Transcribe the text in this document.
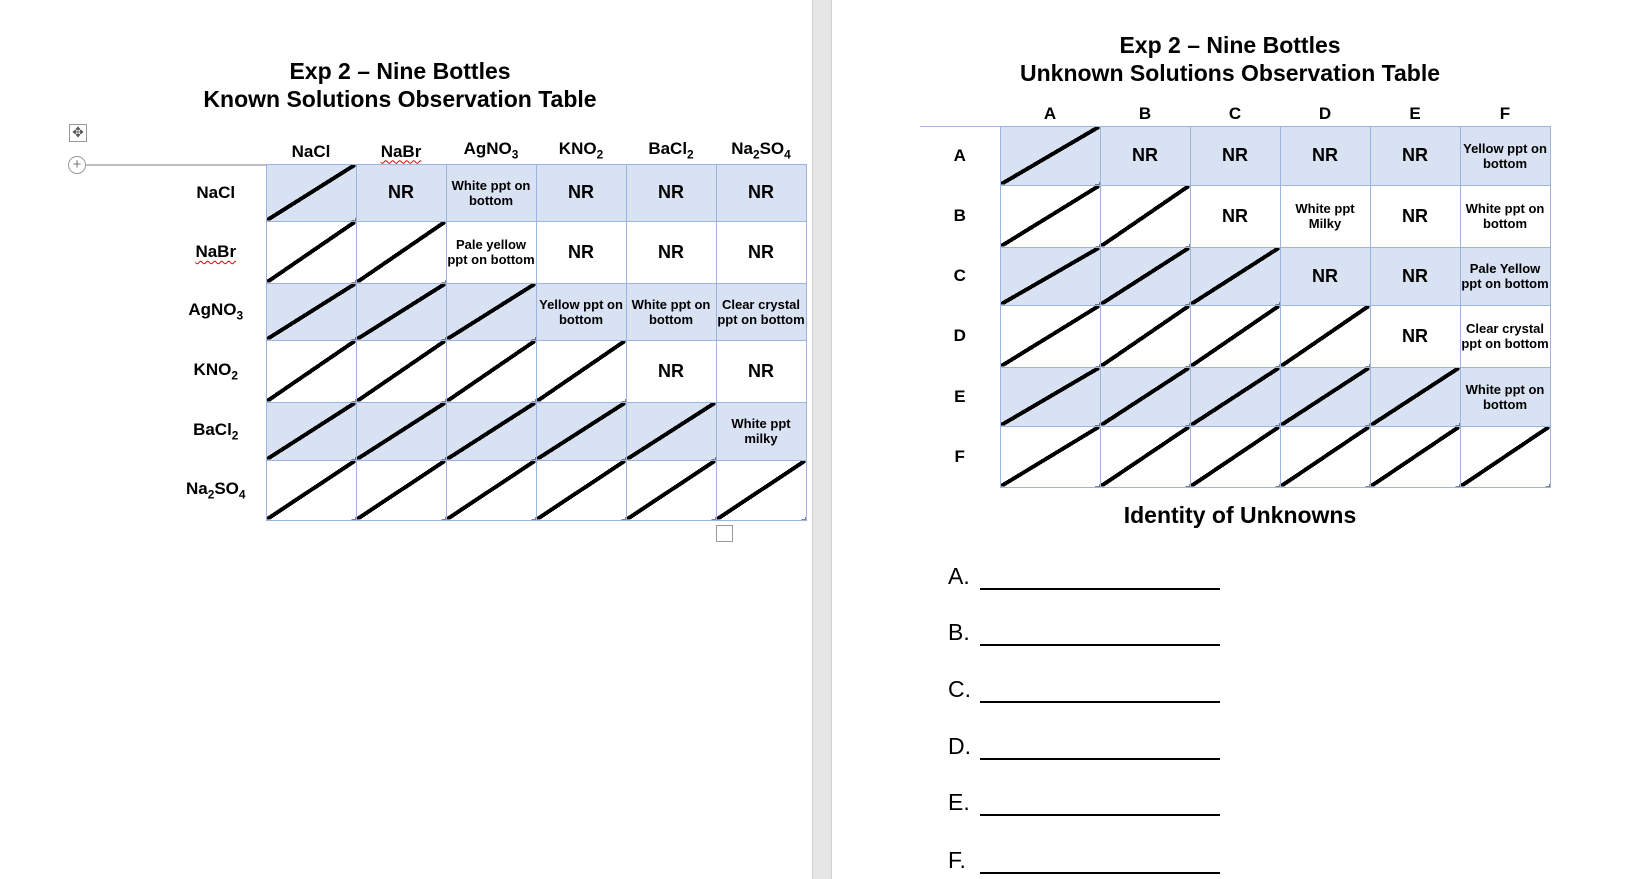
Exp 2 – Nine Bottles
Known Solutions Observation Table
Exp 2 – Nine Bottles
Unknown Solutions Observation Table
✥
+
		NaCl	NaBr	AgNO$_3$	$KNO_2$	BaCl$_2$	$Na_2SO_4$
	NaCl		NR	White ppt on bottom	NR	NR	NR
	NaBr			Pale yellow ppt on bottom	NR	NR	NR
	AgNO$_3$				Yellow ppt on bottom	White ppt on bottom	Clear crystal ppt on bottom
	$KNO_2$					NR	NR
	BaCl$_2$						White ppt milky
	$Na_2SO_4$						
	A	B	C	D	E	F
A		NR	NR	NR	NR	Yellow ppt on bottom
B			NR	White ppt Milky	NR	White ppt on bottom
C				NR	NR	Pale Yellow ppt on bottom
D					NR	Clear crystal ppt on bottom
E						White ppt on bottom
F						
Identity of Unknowns
A.
B.
C.
D.
E.
F.
